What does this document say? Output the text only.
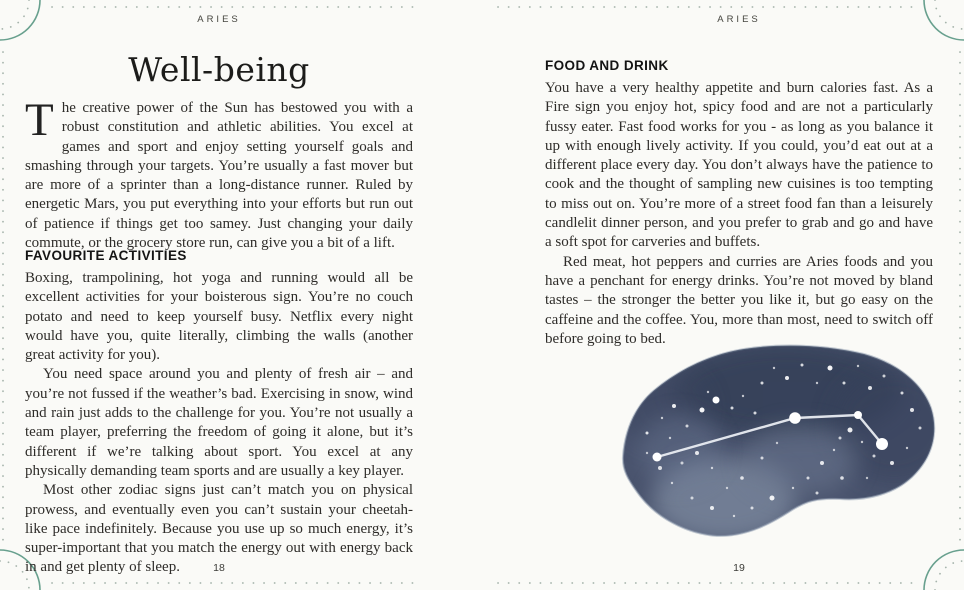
ARIES
Well-being
The creative power of the Sun has bestowed you with a robust constitution and athletic abilities. You excel at games and sport and enjoy setting yourself goals and smashing through your targets. You’re usually a fast mover but are more of a sprinter than a long-distance runner. Ruled by energetic Mars, you put everything into your efforts but run out of patience if things get too samey. Just changing your daily commute, or the grocery store run, can give you a bit of a lift.
FAVOURITE ACTIVITIES

Boxing, trampolining, hot yoga and running would all be excellent activities for your boisterous sign. You’re no couch potato and need to keep yourself busy. Netflix every night would have you, quite literally, climbing the walls (another great activity for you).

You need space around you and plenty of fresh air – and you’re not fussed if the weather’s bad. Exercising in snow, wind and rain just adds to the challenge for you. You’re not usually a team player, preferring the freedom of going it alone, but it’s different if we’re talking about sport. You excel at any physically demanding team sports and are usually a key player.

Most other zodiac signs just can’t match you on physical prowess, and eventually even you can’t sustain your cheetah-like pace indefinitely. Because you use up so much energy, it’s super-important that you match the energy out with energy back in and get plenty of sleep.	18
ARIES
FOOD AND DRINK

You have a very healthy appetite and burn calories fast. As a Fire sign you enjoy hot, spicy food and are not a particularly fussy eater. Fast food works for you - as long as you balance it up with enough lively activity. If you could, you’d eat out at a different place every day. You don’t always have the patience to cook and the thought of sampling new cuisines is too tempting to miss out on. You’re more of a street food fan than a leisurely candlelit dinner person, and you prefer to grab and go and have a soft spot for carveries and buffets.

Red meat, hot peppers and curries are Aries foods and you have a penchant for energy drinks. You’re not moved by bland tastes – the stronger the better you like it, but go easy on the caffeine and the coffee. You, more than most, need to switch off before going to bed.

19
